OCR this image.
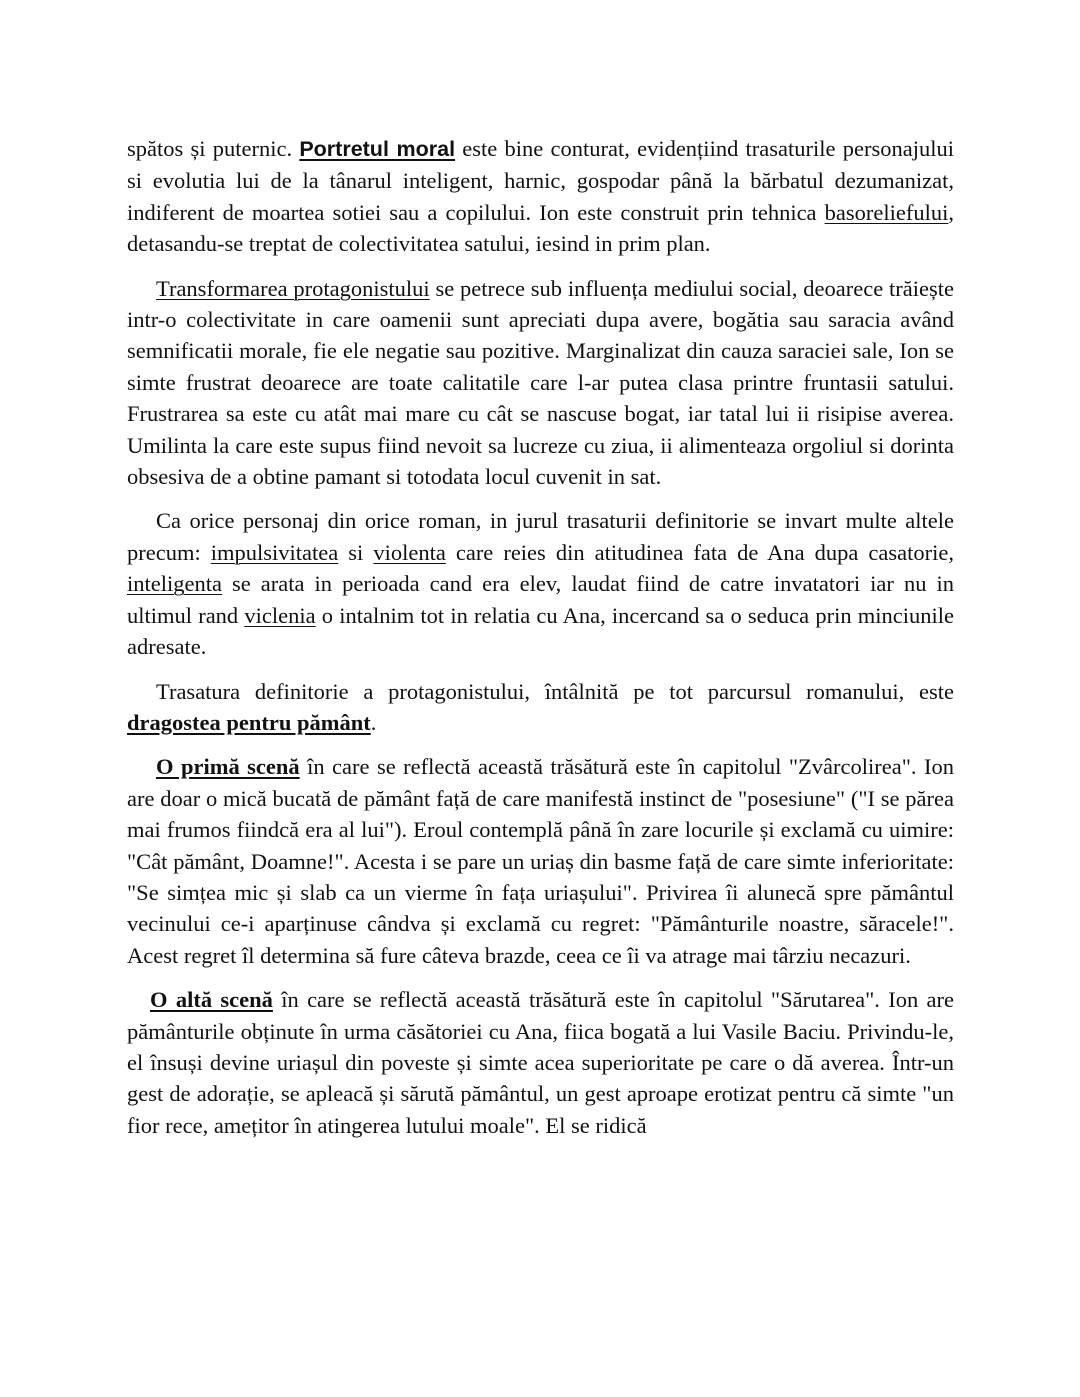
spătos și puternic. Portretul moral este bine conturat, evidențiind trasaturile personajului si evolutia lui de la tânarul inteligent, harnic, gospodar până la bărbatul dezumanizat, indiferent de moartea sotiei sau a copilului. Ion este construit prin tehnica basoreliefului, detasandu-se treptat de colectivitatea satului, iesind in prim plan.

Transformarea protagonistului se petrece sub influența mediului social, deoarece trăiește intr-o colectivitate in care oamenii sunt apreciati dupa avere, bogătia sau saracia având semnificatii morale, fie ele negatie sau pozitive. Marginalizat din cauza saraciei sale, Ion se simte frustrat deoarece are toate calitatile care l-ar putea clasa printre fruntasii satului. Frustrarea sa este cu atât mai mare cu cât se nascuse bogat, iar tatal lui ii risipise averea. Umilinta la care este supus fiind nevoit sa lucreze cu ziua, ii alimenteaza orgoliul si dorinta obsesiva de a obtine pamant si totodata locul cuvenit in sat.

Ca orice personaj din orice roman, in jurul trasaturii definitorie se invart multe altele precum: impulsivitatea si violenta care reies din atitudinea fata de Ana dupa casatorie, inteligenta se arata in perioada cand era elev, laudat fiind de catre invatatori iar nu in ultimul rand viclenia o intalnim tot in relatia cu Ana, incercand sa o seduca prin minciunile adresate.

Trasatura definitorie a protagonistului, întâlnită pe tot parcursul romanului, este dragostea pentru pământ.

O primă scenă în care se reflectă această trăsătură este în capitolul "Zvârcolirea". Ion are doar o mică bucată de pământ față de care manifestă instinct de "posesiune" ("I se părea mai frumos fiindcă era al lui"). Eroul contemplă până în zare locurile și exclamă cu uimire: "Cât pământ, Doamne!". Acesta i se pare un uriaș din basme față de care simte inferioritate: "Se simțea mic și slab ca un vierme în fața uriașului". Privirea îi alunecă spre pământul vecinului ce-i aparținuse cândva și exclamă cu regret: "Pământurile noastre, săracele!". Acest regret îl determina să fure câteva brazde, ceea ce îi va atrage mai târziu necazuri.

O altă scenă în care se reflectă această trăsătură este în capitolul "Sărutarea". Ion are pământurile obținute în urma căsătoriei cu Ana, fiica bogată a lui Vasile Baciu. Privindu-le, el însuși devine uriașul din poveste și simte acea superioritate pe care o dă averea. Într-un gest de adorație, se apleacă și sărută pământul, un gest aproape erotizat pentru că simte "un fior rece, amețitor în atingerea lutului moale". El se ridică
